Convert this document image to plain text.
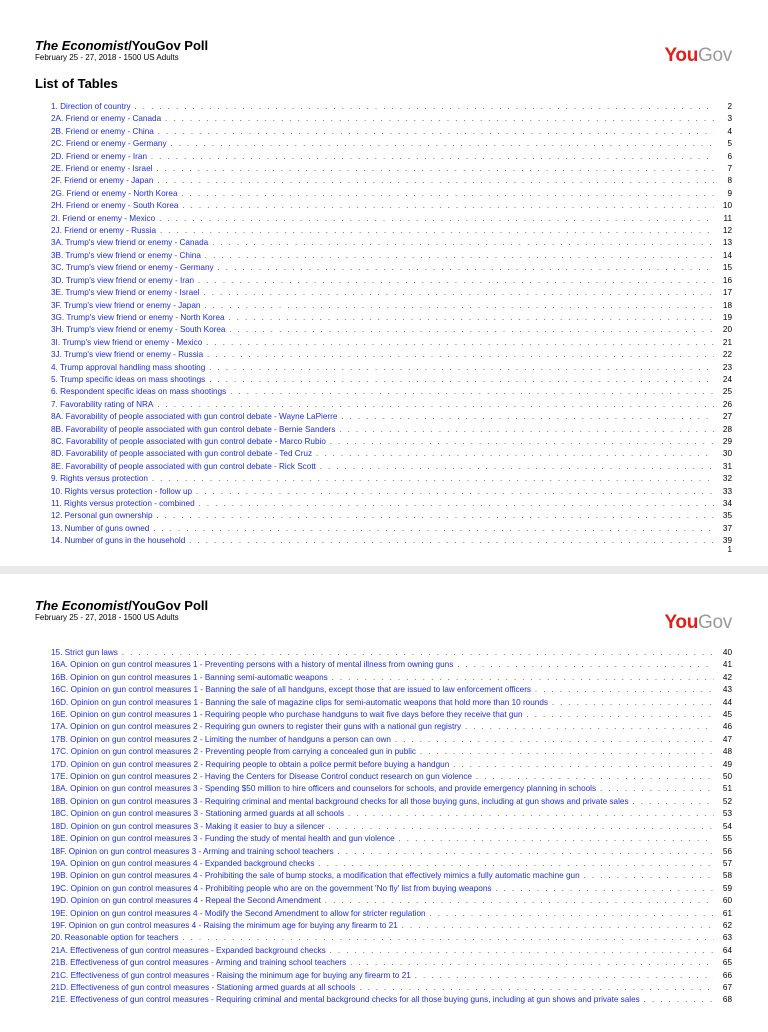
The Economist/YouGov Poll
February 25 - 27, 2018 - 1500 US Adults	YouGov
List of Tables
1. Direction of country . . .	2
2A. Friend or enemy - Canada . . .	3
2B. Friend or enemy - China . . .	4
2C. Friend or enemy - Germany . . .	5
2D. Friend or enemy - Iran . . .	6
2E. Friend or enemy - Israel . . .	7
2F. Friend or enemy - Japan . . .	8
2G. Friend or enemy - North Korea . . .	9
2H. Friend or enemy - South Korea . . .	10
2I. Friend or enemy - Mexico . . .	11
2J. Friend or enemy - Russia . . .	12
3A. Trump's view friend or enemy - Canada . . .	13
3B. Trump's view friend or enemy - China . . .	14
3C. Trump's view friend or enemy - Germany . . .	15
3D. Trump's view friend or enemy - Iran . . .	16
3E. Trump's view friend or enemy - Israel . . .	17
3F. Trump's view friend or enemy - Japan . . .	18
3G. Trump's view friend or enemy - North Korea . . .	19
3H. Trump's view friend or enemy - South Korea . . .	20
3I. Trump's view friend or enemy - Mexico . . .	21
3J. Trump's view friend or enemy - Russia . . .	22
4. Trump approval handling mass shooting . . .	23
5. Trump specific ideas on mass shootings . . .	24
6. Respondent specific ideas on mass shootings . . .	25
7. Favorability rating of NRA . . .	26
8A. Favorability of people associated with gun control debate - Wayne LaPierre . . .	27
8B. Favorability of people associated with gun control debate - Bernie Sanders . . .	28
8C. Favorability of people associated with gun control debate - Marco Rubio . . .	29
8D. Favorability of people associated with gun control debate - Ted Cruz . . .	30
8E. Favorability of people associated with gun control debate - Rick Scott . . .	31
9. Rights versus protection . . .	32
10. Rights versus protection - follow up . . .	33
11. Rights versus protection - combined . . .	34
12. Personal gun ownership . . .	35
13. Number of guns owned . . .	37
14. Number of guns in the household . . .	39
1
The Economist/YouGov Poll
February 25 - 27, 2018 - 1500 US Adults	YouGov
15. Strict gun laws . . .	40
16A. Opinion on gun control measures 1 - Preventing persons with a history of mental illness from owning guns . . .	41
16B. Opinion on gun control measures 1 - Banning semi-automatic weapons . . .	42
16C. Opinion on gun control measures 1 - Banning the sale of all handguns, except those that are issued to law enforcement officers . . .	43
16D. Opinion on gun control measures 1 - Banning the sale of magazine clips for semi-automatic weapons that hold more than 10 rounds . . .	44
16E. Opinion on gun control measures 1 - Requiring people who purchase handguns to wait five days before they receive that gun . . .	45
17A. Opinion on gun control measures 2 - Requiring gun owners to register their guns with a national gun registry . . .	46
17B. Opinion on gun control measures 2 - Limiting the number of handguns a person can own . . .	47
17C. Opinion on gun control measures 2 - Preventing people from carrying a concealed gun in public . . .	48
17D. Opinion on gun control measures 2 - Requiring people to obtain a police permit before buying a handgun . . .	49
17E. Opinion on gun control measures 2 - Having the Centers for Disease Control conduct research on gun violence . . .	50
18A. Opinion on gun control measures 3 - Spending $50 million to hire officers and counselors for schools, and provide emergency planning in schools . . .	51
18B. Opinion on gun control measures 3 - Requiring criminal and mental background checks for all those buying guns, including at gun shows and private sales . . .	52
18C. Opinion on gun control measures 3 - Stationing armed guards at all schools . . .	53
18D. Opinion on gun control measures 3 - Making it easier to buy a silencer . . .	54
18E. Opinion on gun control measures 3 - Funding the study of mental health and gun violence . . .	55
18F. Opinion on gun control measures 3 - Arming and training school teachers . . .	56
19A. Opinion on gun control measures 4 - Expanded background checks . . .	57
19B. Opinion on gun control measures 4 - Prohibiting the sale of bump stocks, a modification that effectively mimics a fully automatic machine gun . . .	58
19C. Opinion on gun control measures 4 - Prohibiting people who are on the government 'No fly' list from buying weapons . . .	59
19D. Opinion on gun control measures 4 - Repeal the Second Amendment . . .	60
19E. Opinion on gun control measures 4 - Modify the Second Amendment to allow for stricter regulation . . .	61
19F. Opinion on gun control measures 4 - Raising the minimum age for buying any firearm to 21 . . .	62
20. Reasonable option for teachers . . .	63
21A. Effectiveness of gun control measures - Expanded background checks . . .	64
21B. Effectiveness of gun control measures - Arming and training school teachers . . .	65
21C. Effectiveness of gun control measures - Raising the minimum age for buying any firearm to 21 . . .	66
21D. Effectiveness of gun control measures - Stationing armed guards at all schools . . .	67
21E. Effectiveness of gun control measures - Requiring criminal and mental background checks for all those buying guns, including at gun shows and private sales . . .	68
